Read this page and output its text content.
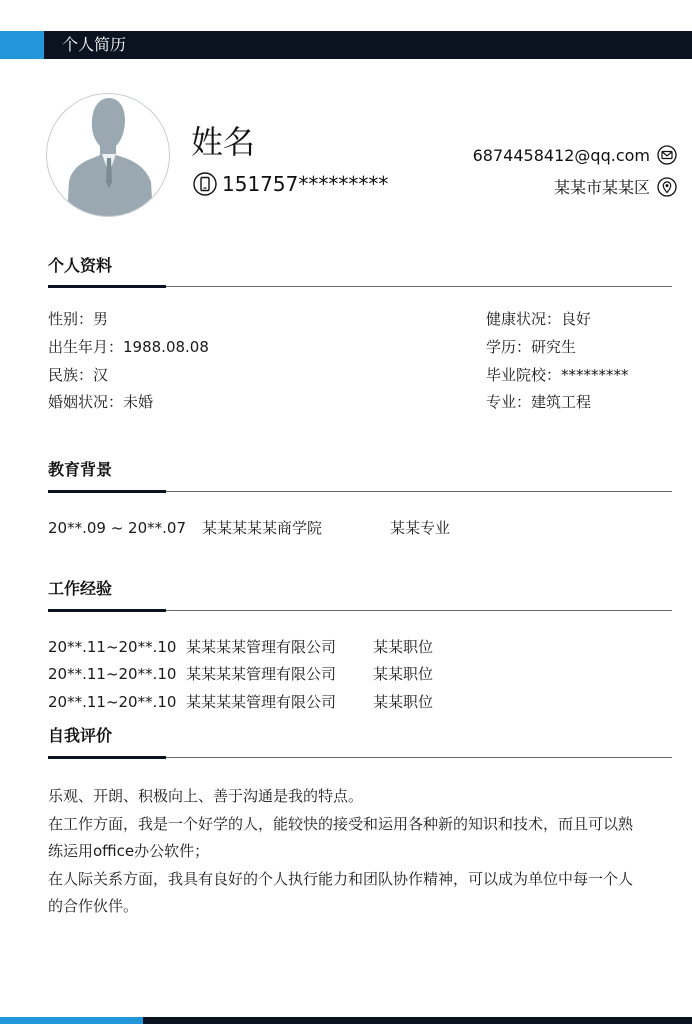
个人简历
姓名
151757*********
6874458412@qq.com
某某市某某区
个人资料
性别：男
出生年月：1988.08.08
民族：汉
婚姻状况：未婚
健康状况：良好
学历：研究生
毕业院校：*********
专业：建筑工程
教育背景
20**.09 ~ 20**.07 某某某某某商学院	某某专业
工作经验
20**.11~20**.10 某某某某管理有限公司 某某职位
20**.11~20**.10 某某某某管理有限公司 某某职位
20**.11~20**.10 某某某某管理有限公司 某某职位
自我评价
乐观、开朗、积极向上、善于沟通是我的特点。
在工作方面，我是一个好学的人，能较快的接受和运用各种新的知识和技术，而且可以熟
练运用office办公软件；
在人际关系方面，我具有良好的个人执行能力和团队协作精神，可以成为单位中每一个人
的合作伙伴。
